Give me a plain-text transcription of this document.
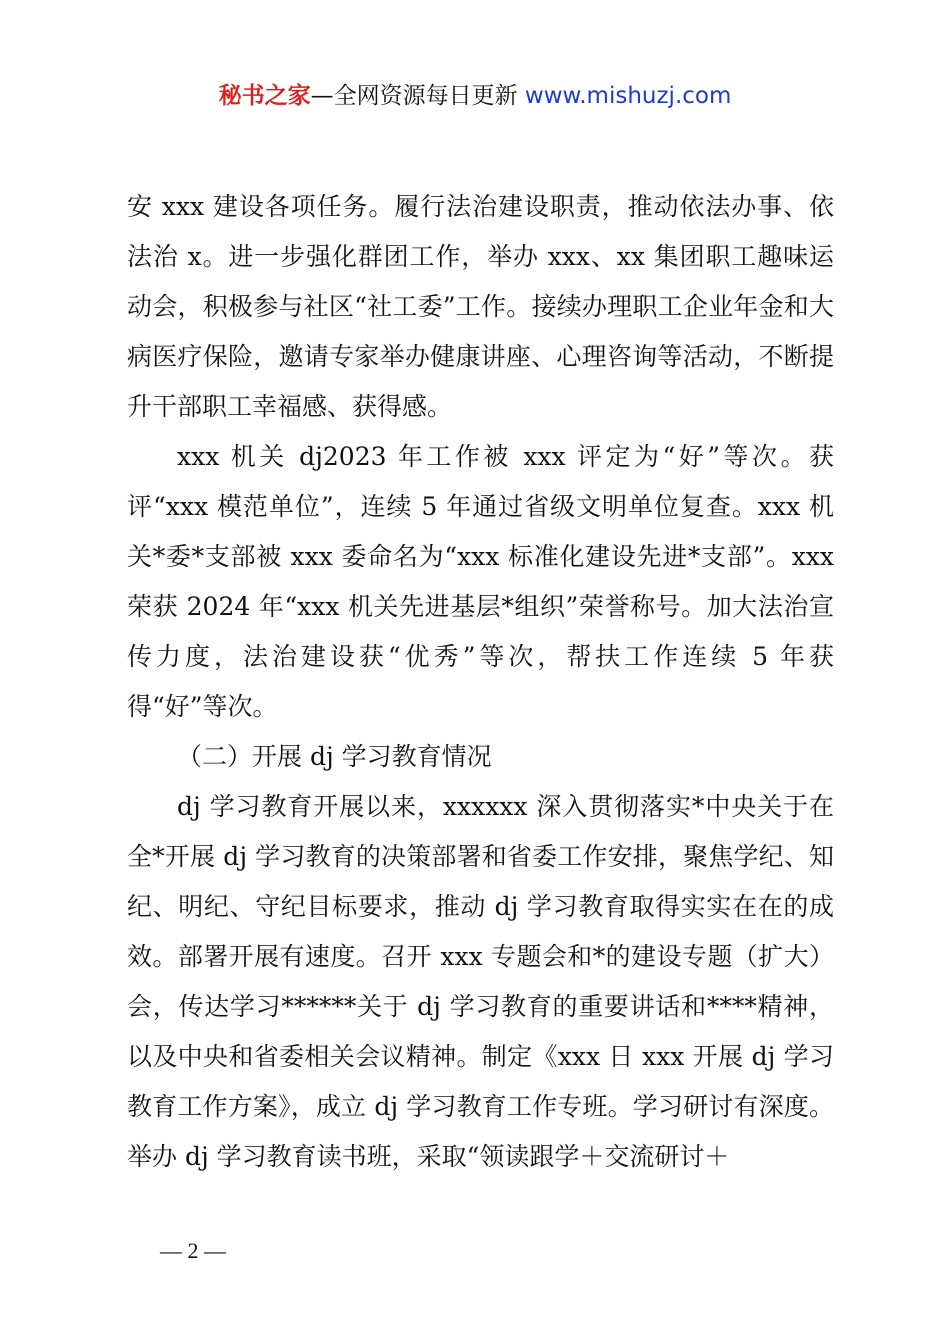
秘书之家—全网资源每日更新 www.mishuzj.com

安 xxx 建设各项任务。履行法治建设职责，推动依法办事、依法治 x。进一步强化群团工作，举办 xxx、xx 集团职工趣味运动会，积极参与社区“社工委”工作。接续办理职工企业年金和大病医疗保险，邀请专家举办健康讲座、心理咨询等活动，不断提升干部职工幸福感、获得感。

xxx 机关 dj2023 年工作被 xxx 评定为“好”等次。获评“xxx 模范单位”，连续 5 年通过省级文明单位复查。xxx 机关*委*支部被 xxx 委命名为“xxx 标准化建设先进*支部”。xxx 荣获 2024 年“xxx 机关先进基层*组织”荣誉称号。加大法治宣传力度，法治建设获“优秀”等次，帮扶工作连续 5 年获得“好”等次。

（二）开展 dj 学习教育情况

dj 学习教育开展以来，xxxxxx 深入贯彻落实*中央关于在全*开展 dj 学习教育的决策部署和省委工作安排，聚焦学纪、知纪、明纪、守纪目标要求，推动 dj 学习教育取得实实在在的成效。部署开展有速度。召开 xxx 专题会和*的建设专题（扩大）会，传达学习******关于 dj 学习教育的重要讲话和****精神，以及中央和省委相关会议精神。制定《xxx 日 xxx 开展 dj 学习教育工作方案》，成立 dj 学习教育工作专班。学习研讨有深度。举办 dj 学习教育读书班，采取“领读跟学＋交流研讨＋

— 2 —
